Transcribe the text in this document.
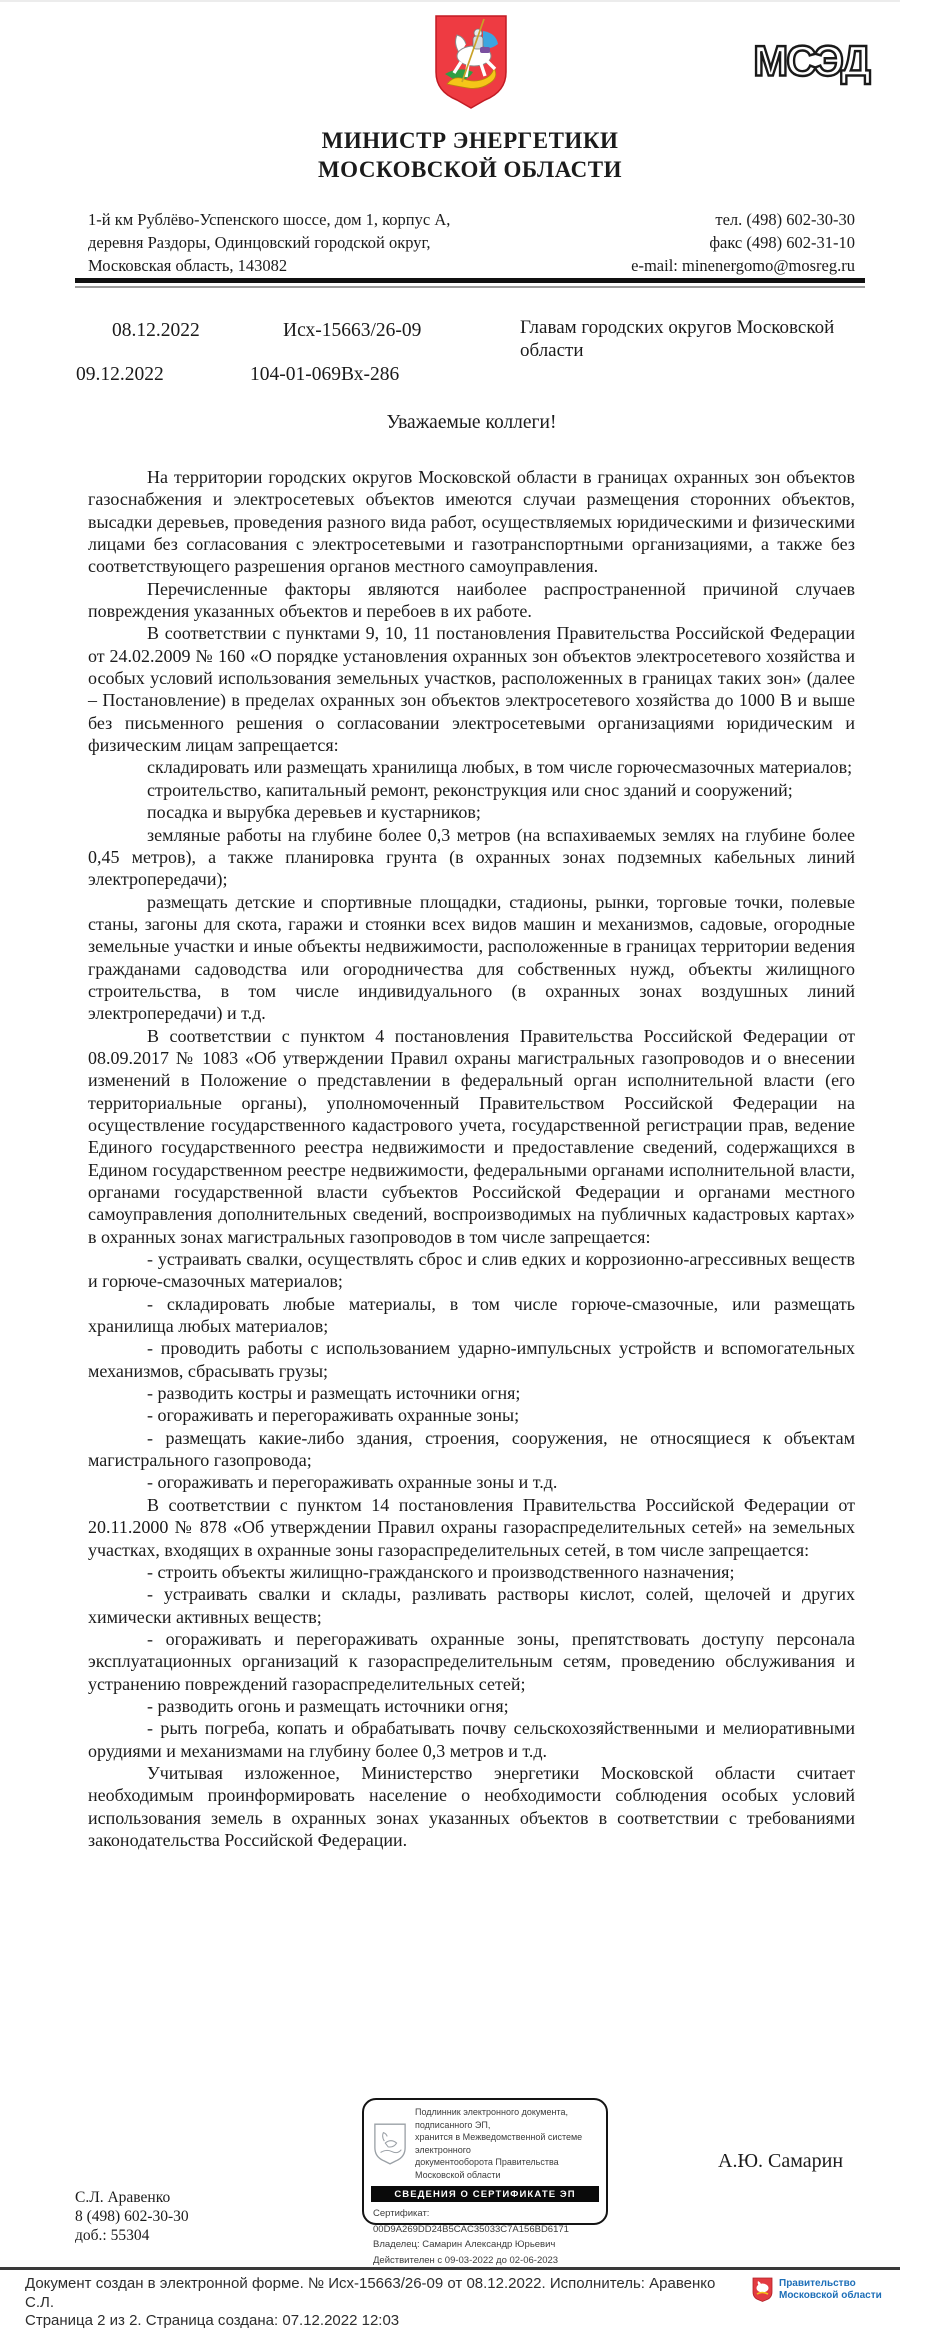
МСЭД
МИНИСТР ЭНЕРГЕТИКИ
МОСКОВСКОЙ ОБЛАСТИ
1-й км Рублёво-Успенского шоссе, дом 1, корпус А,
деревня Раздоры, Одинцовский городской округ,
Московская область, 143082
тел. (498) 602-30-30
факс (498) 602-31-10
e-mail: minenergomo@mosreg.ru
08.12.2022	Исх-15663/26-09	Главам городских округов Московской области
09.12.2022	104-01-069Вх-286
Уважаемые коллеги!

На территории городских округов Московской области в границах охранных зон объектов газоснабжения и электросетевых объектов имеются случаи размещения сторонних объектов, высадки деревьев, проведения разного вида работ, осуществляемых юридическими и физическими лицами без согласования с электросетевыми и газотранспортными организациями, а также без соответствующего разрешения органов местного самоуправления.

Перечисленные факторы являются наиболее распространенной причиной случаев повреждения указанных объектов и перебоев в их работе.

В соответствии с пунктами 9, 10, 11 постановления Правительства Российской Федерации от 24.02.2009 № 160 «О порядке установления охранных зон объектов электросетевого хозяйства и особых условий использования земельных участков, расположенных в границах таких зон» (далее – Постановление) в пределах охранных зон объектов электросетевого хозяйства до 1000 В и выше без письменного решения о согласовании электросетевыми организациями юридическим и физическим лицам запрещается:

складировать или размещать хранилища любых, в том числе горючесмазочных материалов;

строительство, капитальный ремонт, реконструкция или снос зданий и сооружений;

посадка и вырубка деревьев и кустарников;

земляные работы на глубине более 0,3 метров (на вспахиваемых землях на глубине более 0,45 метров), а также планировка грунта (в охранных зонах подземных кабельных линий электропередачи);

размещать детские и спортивные площадки, стадионы, рынки, торговые точки, полевые станы, загоны для скота, гаражи и стоянки всех видов машин и механизмов, садовые, огородные земельные участки и иные объекты недвижимости, расположенные в границах территории ведения гражданами садоводства или огородничества для собственных нужд, объекты жилищного строительства, в том числе индивидуального (в охранных зонах воздушных линий электропередачи) и т.д.

В соответствии с пунктом 4 постановления Правительства Российской Федерации от 08.09.2017 № 1083 «Об утверждении Правил охраны магистральных газопроводов и о внесении изменений в Положение о представлении в федеральный орган исполнительной власти (его территориальные органы), уполномоченный Правительством Российской Федерации на осуществление государственного кадастрового учета, государственной регистрации прав, ведение Единого государственного реестра недвижимости и предоставление сведений, содержащихся в Едином государственном реестре недвижимости, федеральными органами исполнительной власти, органами государственной власти субъектов Российской Федерации и органами местного самоуправления дополнительных сведений, воспроизводимых на публичных кадастровых картах» в охранных зонах магистральных газопроводов в том числе запрещается:

- устраивать свалки, осуществлять сброс и слив едких и коррозионно-агрессивных веществ и горюче-смазочных материалов;

- складировать любые материалы, в том числе горюче-смазочные, или размещать хранилища любых материалов;

- проводить работы с использованием ударно-импульсных устройств и вспомогательных механизмов, сбрасывать грузы;

- разводить костры и размещать источники огня;

- огораживать и перегораживать охранные зоны;

- размещать какие-либо здания, строения, сооружения, не относящиеся к объектам магистрального газопровода;

- огораживать и перегораживать охранные зоны и т.д.

В соответствии с пунктом 14 постановления Правительства Российской Федерации от 20.11.2000 № 878 «Об утверждении Правил охраны газораспределительных сетей» на земельных участках, входящих в охранные зоны газораспределительных сетей, в том числе запрещается:

- строить объекты жилищно-гражданского и производственного назначения;

- устраивать свалки и склады, разливать растворы кислот, солей, щелочей и других химически активных веществ;

- огораживать и перегораживать охранные зоны, препятствовать доступу персонала эксплуатационных организаций к газораспределительным сетям, проведению обслуживания и устранению повреждений газораспределительных сетей;

- разводить огонь и размещать источники огня;

- рыть погреба, копать и обрабатывать почву сельскохозяйственными и мелиоративными орудиями и механизмами на глубину более 0,3 метров и т.д.

Учитывая изложенное, Министерство энергетики Московской области считает необходимым проинформировать население о необходимости соблюдения особых условий использования земель в охранных зонах указанных объектов в соответствии с требованиями законодательства Российской Федерации.

Подлинник электронного документа, подписанного ЭП,
хранится в Межведомственной системе электронного
документооборота Правительства Московской области
СВЕДЕНИЯ О СЕРТИФИКАТЕ ЭП
Сертификат: 00D9A269DD24B5CAC35033C7A156BD6171
Владелец: Самарин Александр Юрьевич
Действителен с 09-03-2022 до 02-06-2023
А.Ю. Самарин
С.Л. Аравенко
8 (498) 602-30-30
доб.: 55304
Документ создан в электронной форме. № Исх-15663/26-09 от 08.12.2022. Исполнитель: Аравенко С.Л.
Страница 2 из 2. Страница создана: 07.12.2022 12:03
Правительство
Московской области
